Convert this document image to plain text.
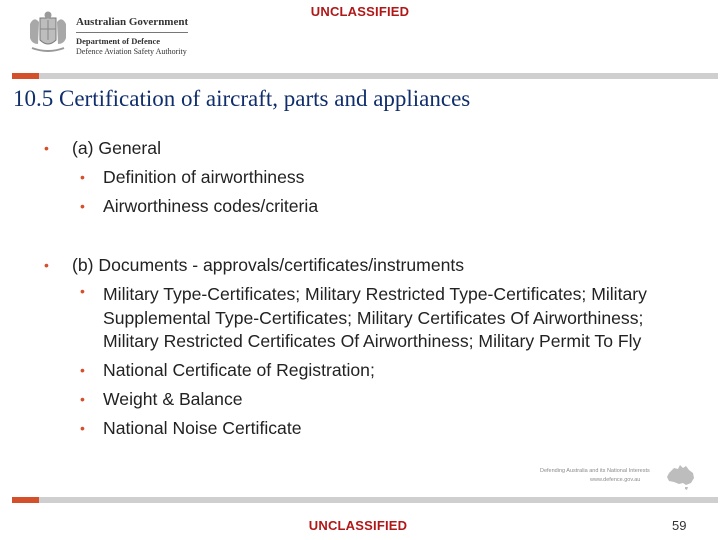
UNCLASSIFIED
Australian Government
Department of Defence
Defence Aviation Safety Authority
10.5 Certification of aircraft, parts and appliances
• (a) General
• Definition of airworthiness
• Airworthiness codes/criteria
• (b) Documents - approvals/certificates/instruments
• Military Type-Certificates; Military Restricted Type-Certificates; Military Supplemental Type-Certificates; Military Certificates Of Airworthiness; Military Restricted Certificates Of Airworthiness; Military Permit To Fly
• National Certificate of Registration;
• Weight & Balance
• National Noise Certificate
Defending Australia and its National Interests
www.defence.gov.au
UNCLASSIFIED	59
